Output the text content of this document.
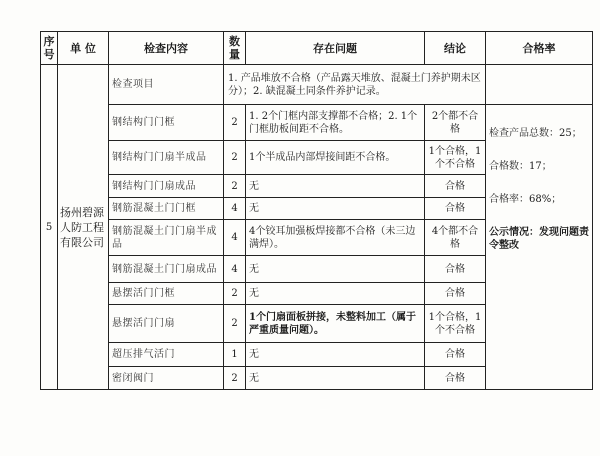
序号	单 位	检查内容	数量	存在问题	结论	合格率
5	扬州碧源人防工程有限公司	检查项目	1. 产品堆放不合格（产品露天堆放、混凝土门养护期未区分）；2. 缺混凝土同条件养护记录。			
		钢结构门门框	2	1. 2个门框内部支撑都不合格；2. 1个门框肋板间距不合格。	2个都不合格	检查产品总数：25；
合格数：17；
合格率：68%；
公示情况：发现问题责令整改

		钢结构门门扇半成品	2	1个半成品内部焊接间距不合格。	1个合格，1个不合格	
		钢结构门门扇成品	2	无	合格	
		钢筋混凝土门门框	4	无	合格	
		钢筋混凝土门门扇半成品	4	4个铰耳加强板焊接都不合格（未三边满焊）。	4个都不合格	
		钢筋混凝土门门扇成品	4	无	合格	
		悬摆活门门框	2	无	合格	
		悬摆活门门扇	2	1个门扇面板拼接，未整料加工（属于严重质量问题）。	1个合格，1个不合格	
		超压排气活门	1	无	合格	
		密闭阀门	2	无	合格	
